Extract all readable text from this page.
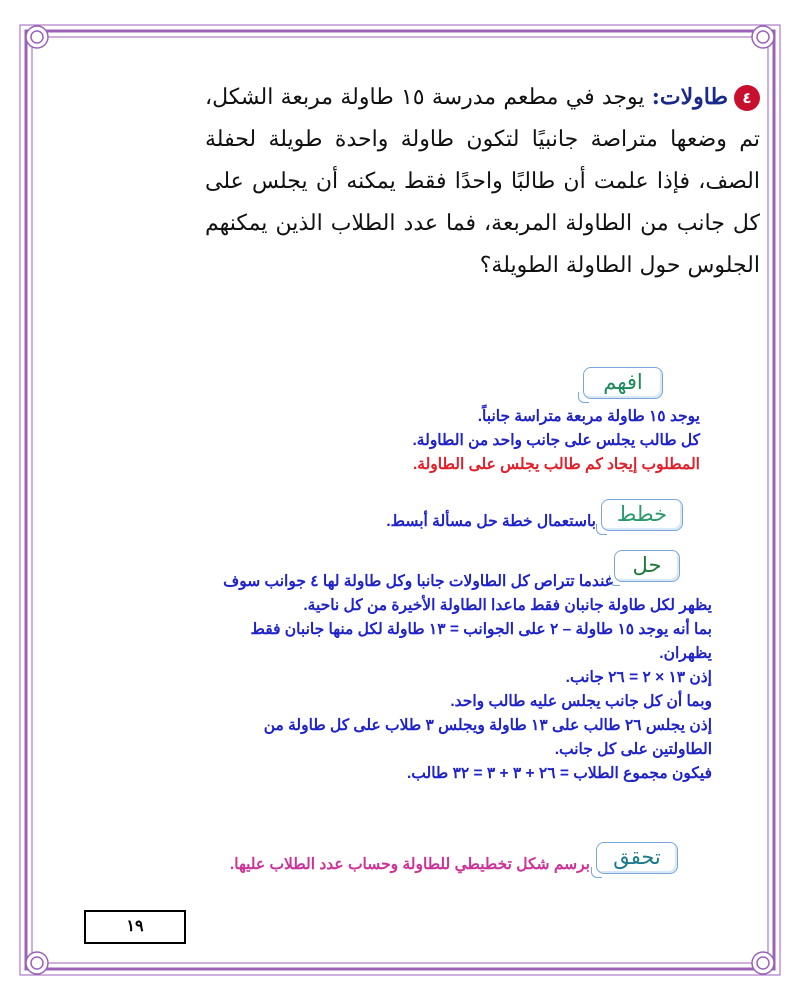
٤طاولات: يوجد في مطعم مدرسة ١٥ طاولة مربعة الشكل، تم وضعها متراصة جانبيًا لتكون طاولة واحدة طويلة لحفلة الصف، فإذا علمت أن طالبًا واحدًا فقط يمكنه أن يجلس على كل جانب من الطاولة المربعة، فما عدد الطلاب الذين يمكنهم الجلوس حول الطاولة الطويلة؟
افهم
يوجد ١٥ طاولة مربعة متراسة جانباً.
كل طالب يجلس على جانب واحد من الطاولة.
المطلوب إيجاد كم طالب يجلس على الطاولة.
خطط
باستعمال خطة حل مسألة أبسط.
حل
عندما تتراص كل الطاولات جانبا وكل طاولة لها ٤ جوانب سوف
يظهر لكل طاولة جانبان فقط ماعدا الطاولة الأخيرة من كل ناحية.
بما أنه يوجد ١٥ طاولة – ٢ على الجوانب = ١٣ طاولة لكل منها جانبان فقط
يظهران.
إذن ١٣ × ٢ = ٢٦ جانب.
وبما أن كل جانب يجلس عليه طالب واحد.
إذن يجلس ٢٦ طالب على ١٣ طاولة ويجلس ٣ طلاب على كل طاولة من
الطاولتين على كل جانب.
فيكون مجموع الطلاب = ٢٦ + ٣ + ٣ = ٣٢ طالب.
تحقق
برسم شكل تخطيطي للطاولة وحساب عدد الطلاب عليها.
١٩
